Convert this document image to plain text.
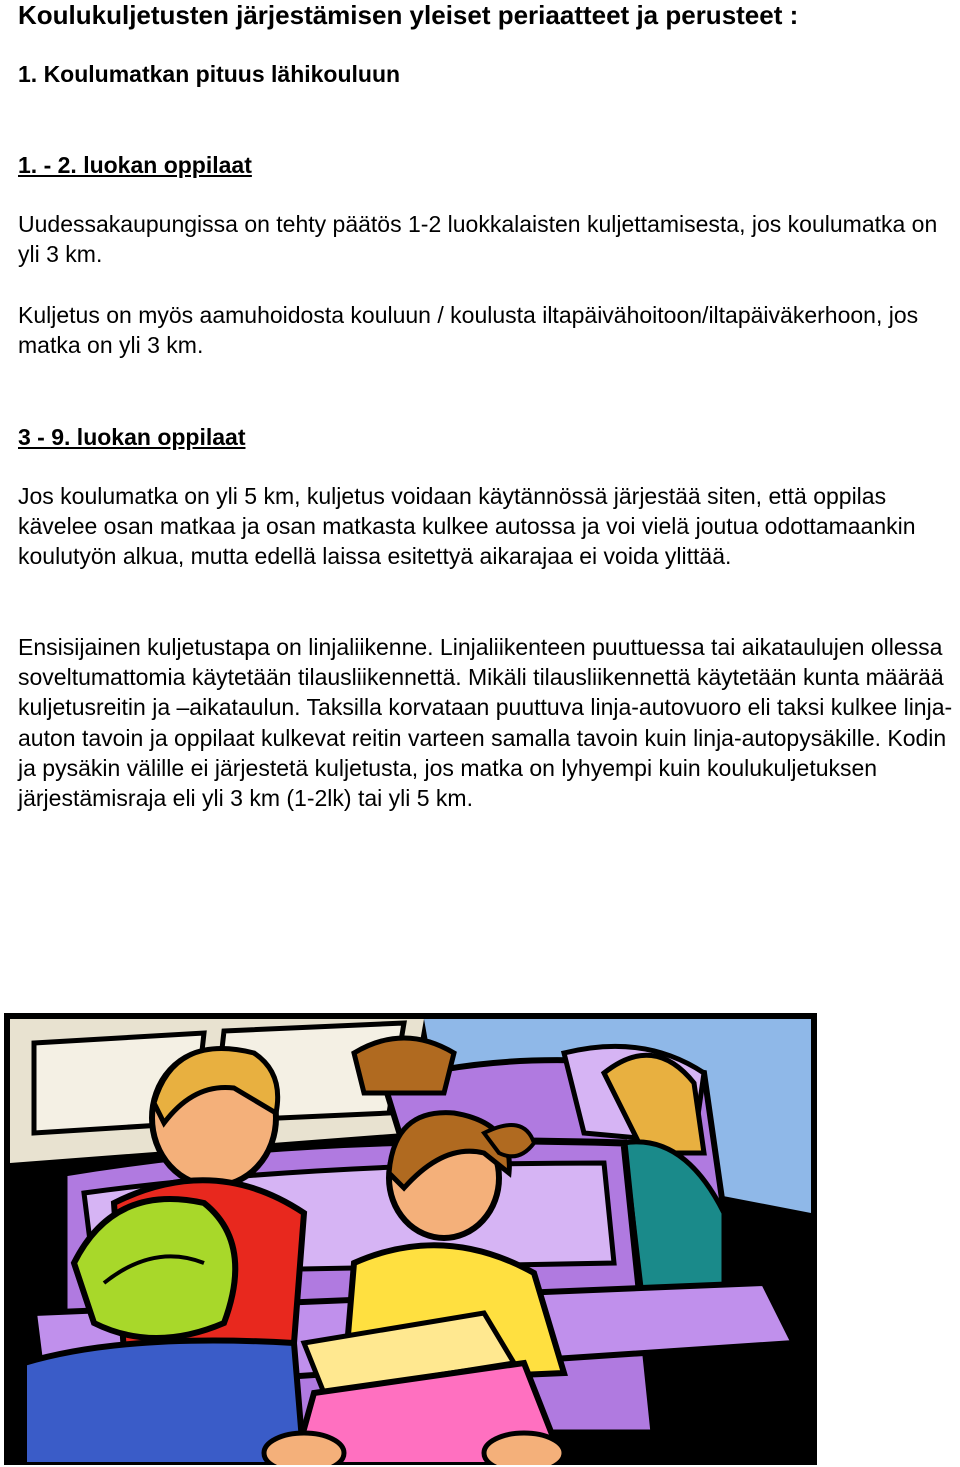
Koulukuljetusten järjestämisen yleiset periaatteet ja perusteet :
1. Koulumatkan pituus lähikouluun
1. - 2. luokan oppilaat

Uudessakaupungissa on tehty päätös 1-2 luokkalaisten kuljettamisesta, jos koulumatka on yli 3 km.

Kuljetus on myös aamuhoidosta kouluun / koulusta iltapäivähoitoon/iltapäiväkerhoon, jos matka on yli 3 km.

3 - 9. luokan oppilaat

Jos koulumatka on yli 5 km, kuljetus voidaan käytännössä järjestää siten, että oppilas kävelee osan matkaa ja osan matkasta kulkee autossa ja voi vielä joutua odottamaankin koulutyön alkua, mutta edellä laissa esitettyä aikarajaa ei voida ylittää.

Ensisijainen kuljetustapa on linjaliikenne. Linjaliikenteen puuttuessa tai aikataulujen ollessa soveltumattomia käytetään tilausliikennettä. Mikäli tilausliikennettä käytetään kunta määrää kuljetusreitin ja –aikataulun. Taksilla korvataan puuttuva linja-autovuoro eli taksi kulkee linja-auton tavoin ja oppilaat kulkevat reitin varteen samalla tavoin kuin linja-autopysäkille. Kodin ja pysäkin välille ei järjestetä kuljetusta, jos matka on lyhyempi kuin koulukuljetuksen järjestämisraja eli yli 3 km (1-2lk) tai yli 5 km.
